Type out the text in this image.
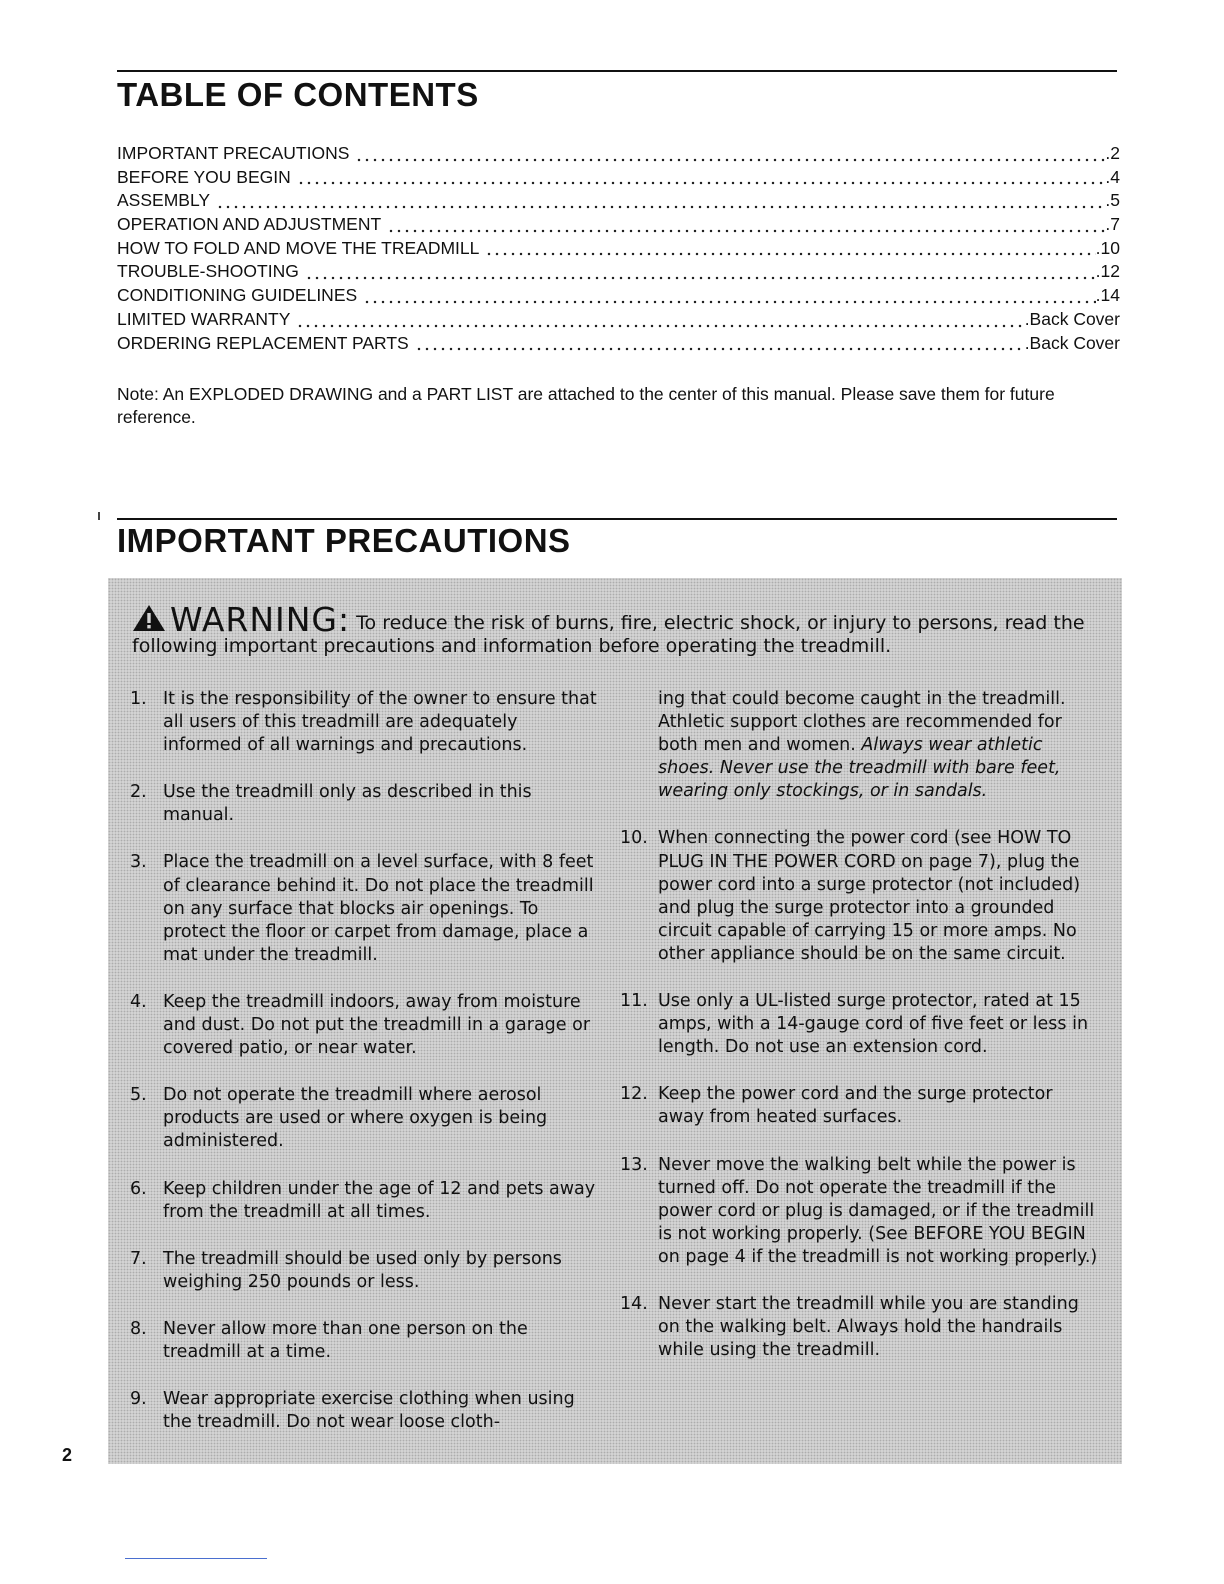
TABLE OF CONTENTS
IMPORTANT PRECAUTIONS	.2
BEFORE YOU BEGIN	.4
ASSEMBLY	.5
OPERATION AND ADJUSTMENT	.7
HOW TO FOLD AND MOVE THE TREADMILL	.10
TROUBLE-SHOOTING	.12
CONDITIONING GUIDELINES	.14
LIMITED WARRANTY	.Back Cover
ORDERING REPLACEMENT PARTS	.Back Cover

Note: An EXPLODED DRAWING and a PART LIST are attached to the center of this manual. Please save them for future reference.

IMPORTANT PRECAUTIONS

WARNING: To reduce the risk of burns, fire, electric shock, or injury to persons, read the following important precautions and information before operating the treadmill.

1. It is the responsibility of the owner to ensure that all users of this treadmill are adequately informed of all warnings and precautions.
2. Use the treadmill only as described in this manual.
3. Place the treadmill on a level surface, with 8 feet of clearance behind it. Do not place the treadmill on any surface that blocks air openings. To protect the floor or carpet from damage, place a mat under the treadmill.
4. Keep the treadmill indoors, away from moisture and dust. Do not put the treadmill in a garage or covered patio, or near water.
5. Do not operate the treadmill where aerosol products are used or where oxygen is being administered.
6. Keep children under the age of 12 and pets away from the treadmill at all times.
7. The treadmill should be used only by persons weighing 250 pounds or less.
8. Never allow more than one person on the treadmill at a time.
9. Wear appropriate exercise clothing when using the treadmill. Do not wear loose cloth-
ing that could become caught in the treadmill. Athletic support clothes are recommended for both men and women. Always wear athletic shoes. Never use the treadmill with bare feet, wearing only stockings, or in sandals.
10. When connecting the power cord (see HOW TO PLUG IN THE POWER CORD on page 7), plug the power cord into a surge protector (not included) and plug the surge protector into a grounded circuit capable of carrying 15 or more amps. No other appliance should be on the same circuit.
11. Use only a UL-listed surge protector, rated at 15 amps, with a 14-gauge cord of five feet or less in length. Do not use an extension cord.
12. Keep the power cord and the surge protector away from heated surfaces.
13. Never move the walking belt while the power is turned off. Do not operate the treadmill if the power cord or plug is damaged, or if the treadmill is not working properly. (See BEFORE YOU BEGIN on page 4 if the treadmill is not working properly.)
14. Never start the treadmill while you are standing on the walking belt. Always hold the handrails while using the treadmill.

2
